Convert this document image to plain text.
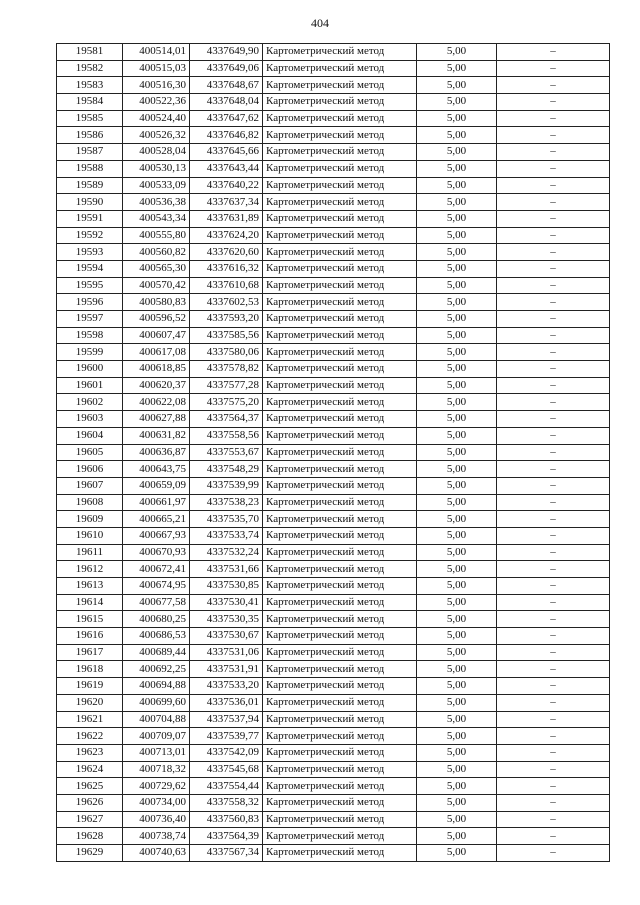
404
19581	400514,01	4337649,90	Картометрический метод	5,00	–
19582	400515,03	4337649,06	Картометрический метод	5,00	–
19583	400516,30	4337648,67	Картометрический метод	5,00	–
19584	400522,36	4337648,04	Картометрический метод	5,00	–
19585	400524,40	4337647,62	Картометрический метод	5,00	–
19586	400526,32	4337646,82	Картометрический метод	5,00	–
19587	400528,04	4337645,66	Картометрический метод	5,00	–
19588	400530,13	4337643,44	Картометрический метод	5,00	–
19589	400533,09	4337640,22	Картометрический метод	5,00	–
19590	400536,38	4337637,34	Картометрический метод	5,00	–
19591	400543,34	4337631,89	Картометрический метод	5,00	–
19592	400555,80	4337624,20	Картометрический метод	5,00	–
19593	400560,82	4337620,60	Картометрический метод	5,00	–
19594	400565,30	4337616,32	Картометрический метод	5,00	–
19595	400570,42	4337610,68	Картометрический метод	5,00	–
19596	400580,83	4337602,53	Картометрический метод	5,00	–
19597	400596,52	4337593,20	Картометрический метод	5,00	–
19598	400607,47	4337585,56	Картометрический метод	5,00	–
19599	400617,08	4337580,06	Картометрический метод	5,00	–
19600	400618,85	4337578,82	Картометрический метод	5,00	–
19601	400620,37	4337577,28	Картометрический метод	5,00	–
19602	400622,08	4337575,20	Картометрический метод	5,00	–
19603	400627,88	4337564,37	Картометрический метод	5,00	–
19604	400631,82	4337558,56	Картометрический метод	5,00	–
19605	400636,87	4337553,67	Картометрический метод	5,00	–
19606	400643,75	4337548,29	Картометрический метод	5,00	–
19607	400659,09	4337539,99	Картометрический метод	5,00	–
19608	400661,97	4337538,23	Картометрический метод	5,00	–
19609	400665,21	4337535,70	Картометрический метод	5,00	–
19610	400667,93	4337533,74	Картометрический метод	5,00	–
19611	400670,93	4337532,24	Картометрический метод	5,00	–
19612	400672,41	4337531,66	Картометрический метод	5,00	–
19613	400674,95	4337530,85	Картометрический метод	5,00	–
19614	400677,58	4337530,41	Картометрический метод	5,00	–
19615	400680,25	4337530,35	Картометрический метод	5,00	–
19616	400686,53	4337530,67	Картометрический метод	5,00	–
19617	400689,44	4337531,06	Картометрический метод	5,00	–
19618	400692,25	4337531,91	Картометрический метод	5,00	–
19619	400694,88	4337533,20	Картометрический метод	5,00	–
19620	400699,60	4337536,01	Картометрический метод	5,00	–
19621	400704,88	4337537,94	Картометрический метод	5,00	–
19622	400709,07	4337539,77	Картометрический метод	5,00	–
19623	400713,01	4337542,09	Картометрический метод	5,00	–
19624	400718,32	4337545,68	Картометрический метод	5,00	–
19625	400729,62	4337554,44	Картометрический метод	5,00	–
19626	400734,00	4337558,32	Картометрический метод	5,00	–
19627	400736,40	4337560,83	Картометрический метод	5,00	–
19628	400738,74	4337564,39	Картометрический метод	5,00	–
19629	400740,63	4337567,34	Картометрический метод	5,00	–
